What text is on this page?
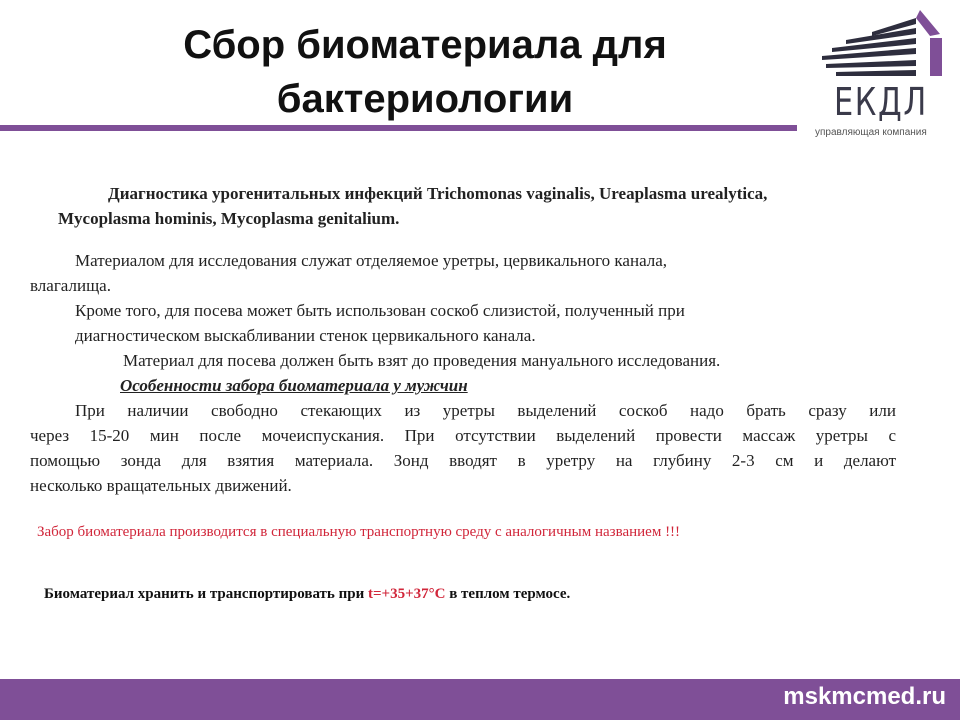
Сбор биоматериала для
бактериологии	ЕКДЛ
управляющая компания
Диагностика урогенитальных инфекций Trichomonas vaginalis, Ureaplasma urealytica,
Mycoplasma hominis, Mycoplasma genitalium.

Материалом для исследования служат отделяемое уретры, цервикального канала,

влагалища.

Кроме того, для посева может быть использован соскоб слизистой, полученный при

диагностическом выскабливании стенок цервикального канала.

Материал для посева должен быть взят до проведения мануального исследования.

Особенности забора биоматериала у мужчин

При наличии свободно стекающих из уретры выделений соскоб надо брать сразу или

через 15-20 мин после мочеиспускания. При отсутствии выделений провести массаж уретры с

помощью зонда для взятия материала. Зонд вводят в уретру на глубину 2-3 см и делают

несколько вращательных движений.

Забор биоматериала производится в специальную транспортную среду с аналогичным названием !!!
Биоматериал хранить и транспортировать при t=+35+37°C в теплом термосе.
mskmcmed.ru
